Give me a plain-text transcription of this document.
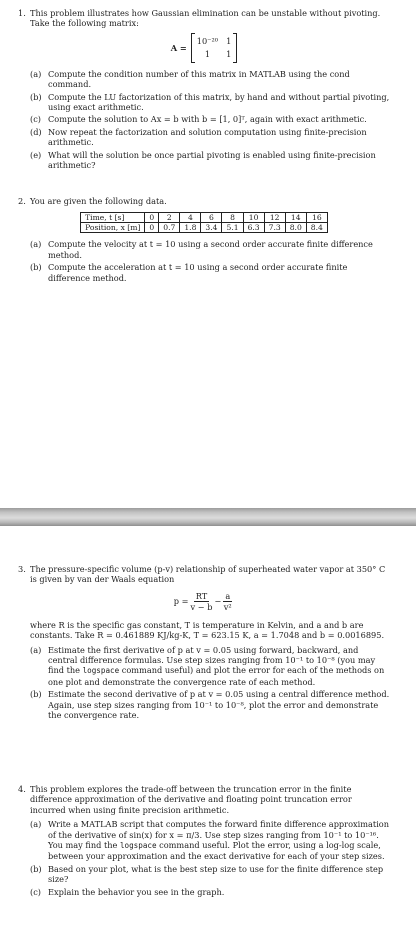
1. This problem illustrates how Gaussian elimination can be unstable without pivoting. Take the following matrix:
A =
10⁻²⁰ 1
1	1
(a) Compute the condition number of this matrix in MATLAB using the cond command.
(b) Compute the LU factorization of this matrix, by hand and without partial pivoting, using exact arithmetic.
(c) Compute the solution to Ax = b with b = [1, 0]ᵀ, again with exact arithmetic.
(d) Now repeat the factorization and solution computation using finite-precision arithmetic.
(e) What will the solution be once partial pivoting is enabled using finite-precision arithmetic?
2. You are given the following data.
Time, t [s]	0	2	4	6	8	10	12	14	16
Position, x [m]	0	0.7	1.8	3.4	5.1	6.3	7.3	8.0	8.4
(a) Compute the velocity at t = 10 using a second order accurate finite difference method.
(b) Compute the acceleration at t = 10 using a second order accurate finite difference method.
3. The pressure-specific volume (p-v) relationship of superheated water vapor at 350° C is given by van der Waals equation
$p = \frac{RT}{v - b} - \frac{a}{\text{v²}}$
where R is the specific gas constant, T is temperature in Kelvin, and a and b are constants. Take R = 0.461889 KJ/kg-K, T = 623.15 K, a = 1.7048 and b = 0.0016895.
(a) Estimate the first derivative of p at v = 0.05 using forward, backward, and central difference formulas. Use step sizes ranging from 10⁻¹ to 10⁻⁸ (you may find the logspace command useful) and plot the error for each of the methods on one plot and demonstrate the convergence rate of each method.
(b) Estimate the second derivative of p at v = 0.05 using a central difference method. Again, use step sizes ranging from 10⁻¹ to 10⁻⁸, plot the error and demonstrate the convergence rate.
4. This problem explores the trade-off between the truncation error in the finite difference approximation of the derivative and floating point truncation error incurred when using finite precision arithmetic.
(a) Write a MATLAB script that computes the forward finite difference approximation of the derivative of sin(x) for x = π/3. Use step sizes ranging from 10⁻¹ to 10⁻¹⁶. You may find the logspace command useful. Plot the error, using a log-log scale, between your approximation and the exact derivative for each of your step sizes.
(b) Based on your plot, what is the best step size to use for the finite difference step size?
(c) Explain the behavior you see in the graph.
